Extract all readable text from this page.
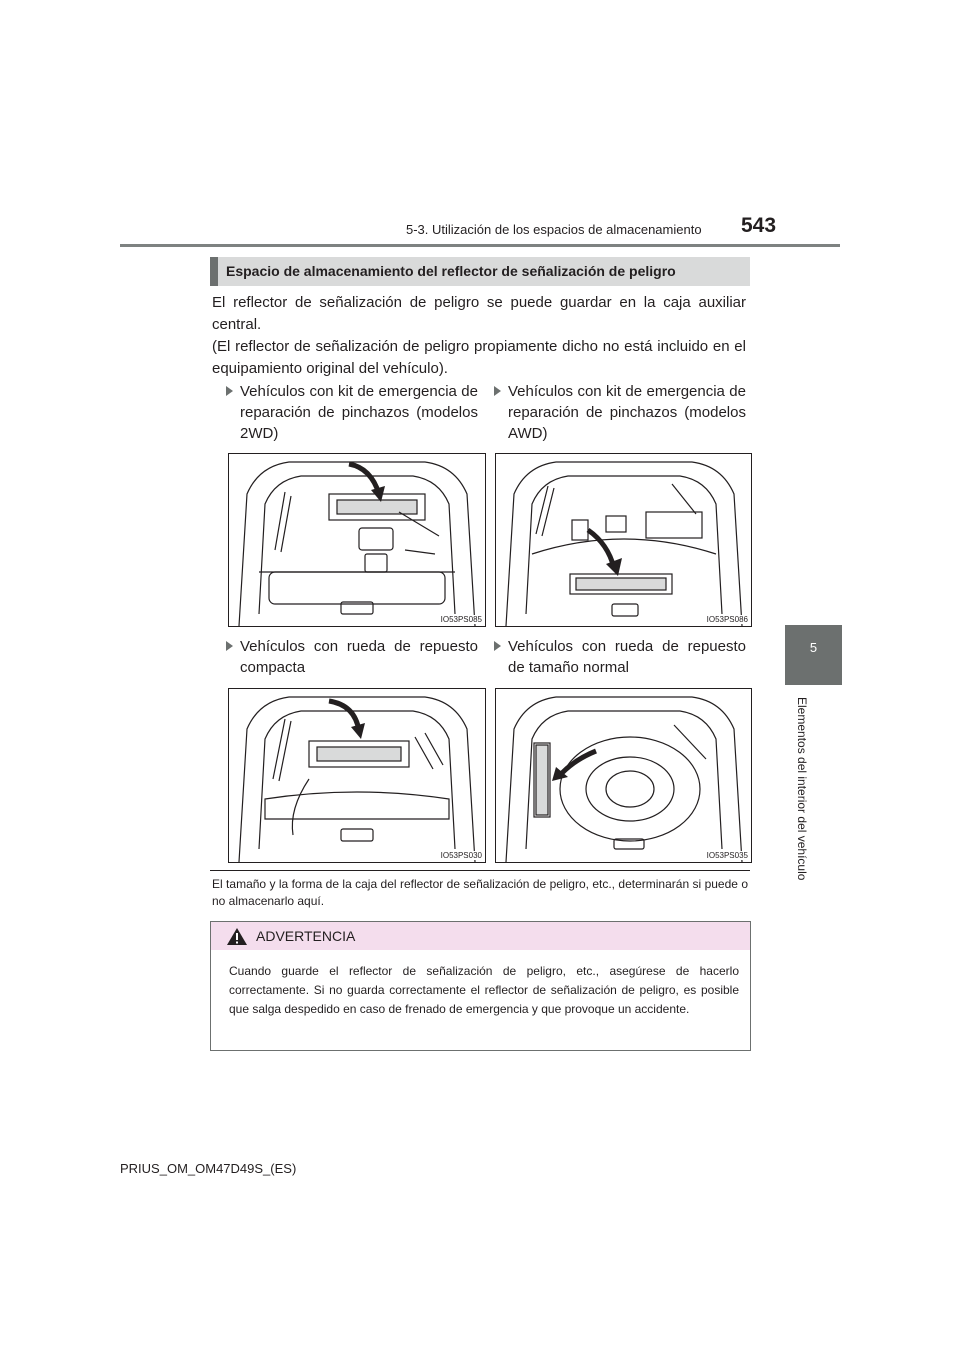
5-3. Utilización de los espacios de almacenamiento 543
5
Elementos del interior del vehículo
Espacio de almacenamiento del reflector de señalización de peligro

El reflector de señalización de peligro se puede guardar en la caja auxiliar central.

(El reflector de señalización de peligro propiamente dicho no está incluido en el equipamiento original del vehículo).

Vehículos con kit de emergencia de reparación de pinchazos (modelos 2WD)
Vehículos con kit de emergencia de reparación de pinchazos (modelos AWD)
IO53PS085	IO53PS086
Vehículos con rueda de repuesto compacta
Vehículos con rueda de repuesto de tamaño normal
IO53PS030	IO53PS035
El tamaño y la forma de la caja del reflector de señalización de peligro, etc., determinarán si puede o no almacenarlo aquí.
ADVERTENCIA
Cuando guarde el reflector de señalización de peligro, etc., asegúrese de hacerlo correctamente. Si no guarda correctamente el reflector de señalización de peligro, es posible que salga despedido en caso de frenado de emergencia y que provoque un accidente.
PRIUS_OM_OM47D49S_(ES)
